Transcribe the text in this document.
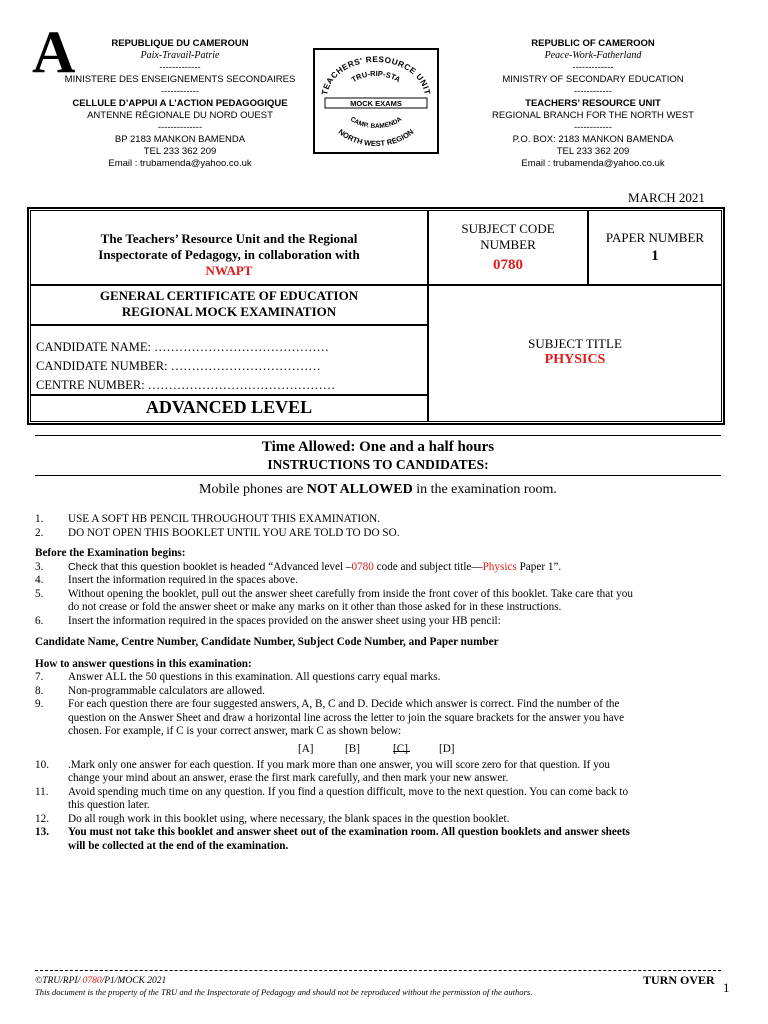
A	REPUBLIQUE DU CAMEROUN
Paix-Travail-Patrie
-------------
MINISTERE DES ENSEIGNEMENTS SECONDAIRES
------------
CELLULE D’APPUI A L’ACTION PEDAGOGIQUE
ANTENNE RÉGIONALE DU NORD OUEST
--------------
BP 2183 MANKON BAMENDA
TEL 233 362 209
Email : trubamenda@yahoo.co.uk
REPUBLIC OF CAMEROON
Peace-Work-Fatherland
-------------
MINISTRY OF SECONDARY EDUCATION
------------
TEACHERS’ RESOURCE UNIT
REGIONAL BRANCH FOR THE NORTH WEST
------------
P.O. BOX: 2183 MANKON BAMENDA
TEL 233 362 209
Email : trubamenda@yahoo.co.uk
TEACHERS' RESOURCE UNIT
TRU-RIP-STA
MOCK EXAMS
CAMP. BAMENDA
NORTH WEST REGION
MARCH 2021
The Teachers’ Resource Unit and the Regional
Inspectorate of Pedagogy, in collaboration with
NWAPT
SUBJECT CODE
NUMBER
0780
PAPER NUMBER
1
GENERAL CERTIFICATE OF EDUCATION
REGIONAL MOCK EXAMINATION
SUBJECT TITLE
PHYSICS
CANDIDATE NAME: ……………………………………
CANDIDATE NUMBER: ………………………………
CENTRE NUMBER: ………………………………………
ADVANCED LEVEL
Time Allowed: One and a half hours
INSTRUCTIONS TO CANDIDATES:
Mobile phones are NOT ALLOWED in the examination room.
1. USE A SOFT HB PENCIL THROUGHOUT THIS EXAMINATION.
2. DO NOT OPEN THIS BOOKLET UNTIL YOU ARE TOLD TO DO SO.
Before the Examination begins:
3. Check that this question booklet is headed “Advanced level –0780 code and subject title—Physics Paper 1”.
4. Insert the information required in the spaces above.
5. Without opening the booklet, pull out the answer sheet carefully from inside the front cover of this booklet. Take care that you
do not crease or fold the answer sheet or make any marks on it other than those asked for in these instructions.
6. Insert the information required in the spaces provided on the answer sheet using your HB pencil:
Candidate Name, Centre Number, Candidate Number, Subject Code Number, and Paper number
How to answer questions in this examination:
7. Answer ALL the 50 questions in this examination. All questions carry equal marks.
8. Non-programmable calculators are allowed.
9. For each question there are four suggested answers, A, B, C and D. Decide which answer is correct. Find the number of the
question on the Answer Sheet and draw a horizontal line across the letter to join the square brackets for the answer you have
chosen. For example, if C is your correct answer, mark C as shown below:
[A]	[B]	[C]	[D]
10. .Mark only one answer for each question. If you mark more than one answer, you will score zero for that question. If you
change your mind about an answer, erase the first mark carefully, and then mark your new answer.
11. Avoid spending much time on any question. If you find a question difficult, move to the next question. You can come back to
this question later.
12. Do all rough work in this booklet using, where necessary, the blank spaces in the question booklet.
13. You must not take this booklet and answer sheet out of the examination room. All question booklets and answer sheets
will be collected at the end of the examination.
©TRU/RPI/ 0780/P1/MOCK 2021	TURN OVER 1
This document is the property of the TRU and the Inspectorate of Pedagogy and should not be reproduced without the permission of the authors.
